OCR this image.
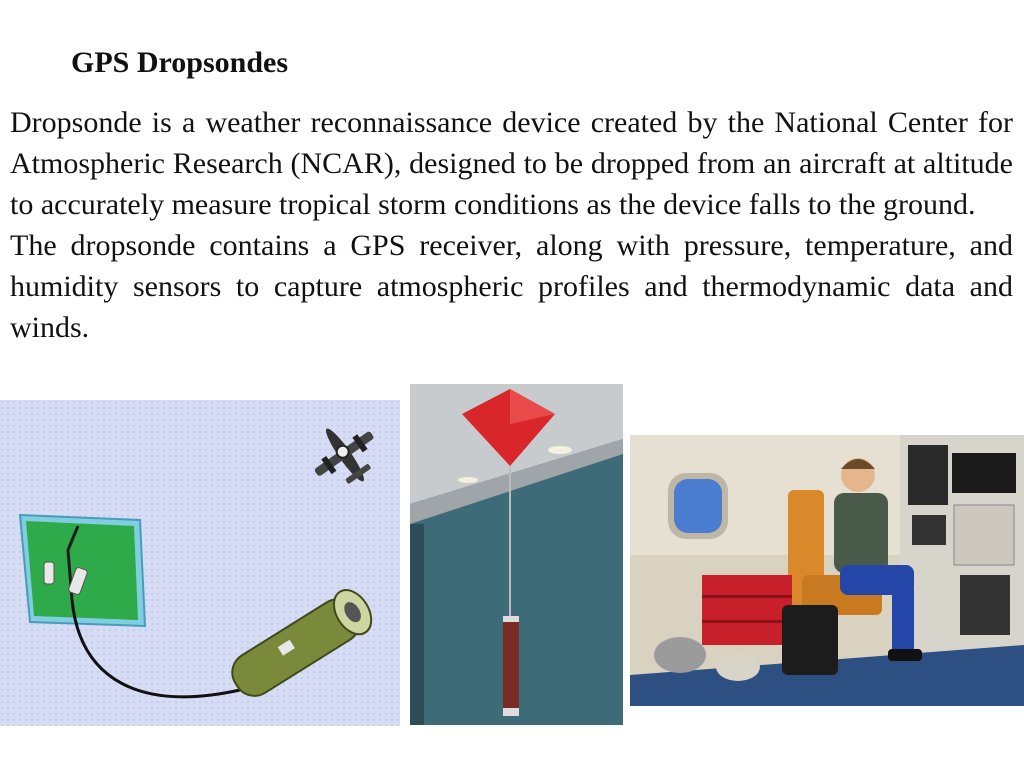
GPS Dropsondes

Dropsonde is a weather reconnaissance device created by the National Center for Atmospheric Research (NCAR), designed to be dropped from an aircraft at altitude to accurately measure tropical storm conditions as the device falls to the ground.

The dropsonde contains a GPS receiver, along with pressure, temperature, and humidity sensors to capture atmospheric profiles and thermodynamic data and winds.
